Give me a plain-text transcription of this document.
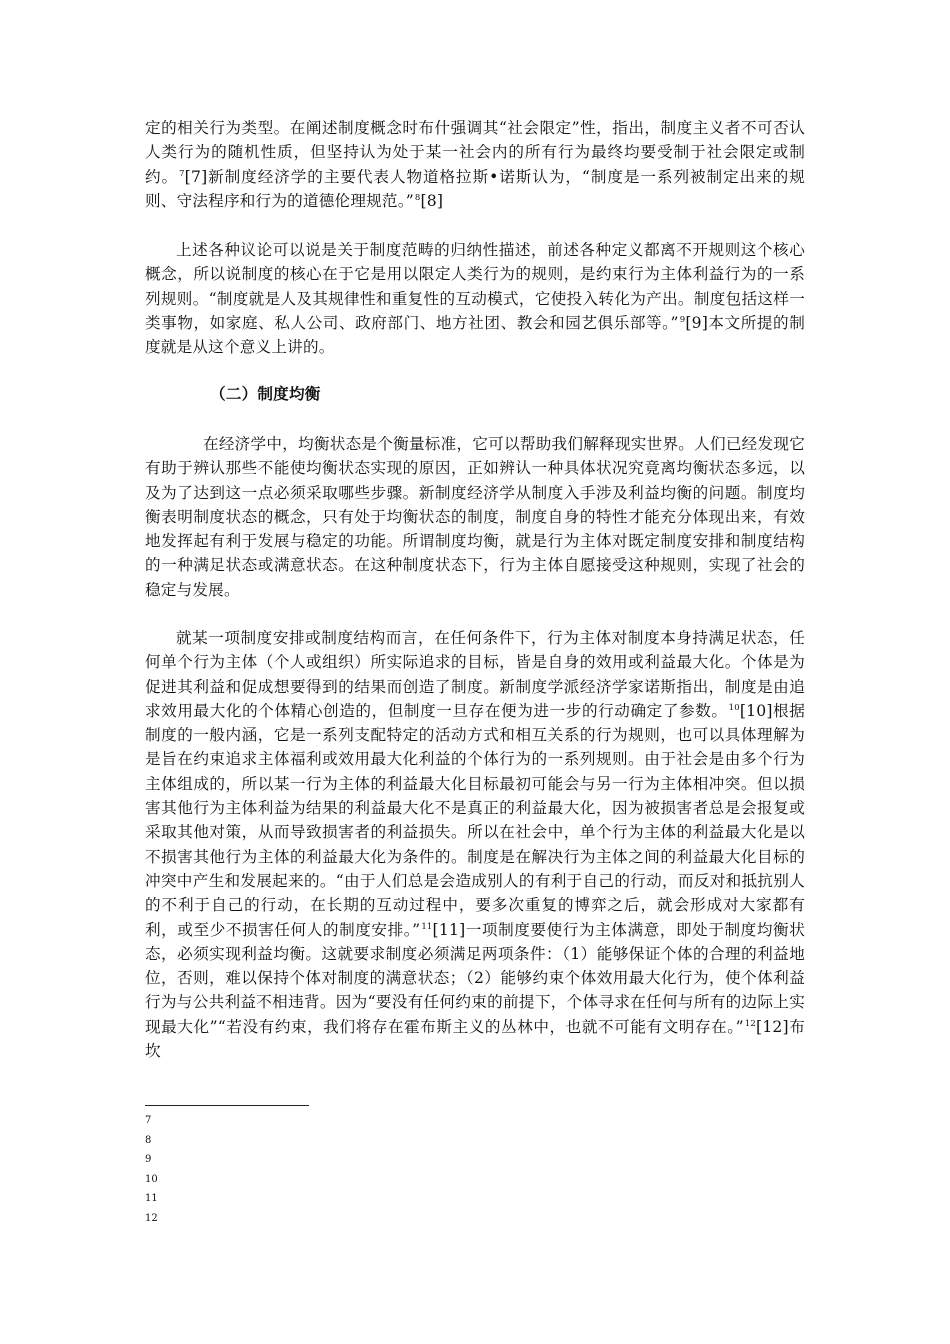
定的相关行为类型。在阐述制度概念时布什强调其“社会限定”性，指出，制度主义者不可否认人类行为的随机性质，但坚持认为处于某一社会内的所有行为最终均要受制于社会限定或制约。$^7$[7]新制度经济学的主要代表人物道格拉斯•诺斯认为，“制度是一系列被制定出来的规则、守法程序和行为的道德伦理规范。”$^8$[8]

上述各种议论可以说是关于制度范畴的归纳性描述，前述各种定义都离不开规则这个核心概念，所以说制度的核心在于它是用以限定人类行为的规则，是约束行为主体利益行为的一系列规则。“制度就是人及其规律性和重复性的互动模式，它使投入转化为产出。制度包括这样一类事物，如家庭、私人公司、政府部门、地方社团、教会和园艺俱乐部等。”$^9$[9]本文所提的制度就是从这个意义上讲的。

（二）制度均衡

在经济学中，均衡状态是个衡量标准，它可以帮助我们解释现实世界。人们已经发现它有助于辨认那些不能使均衡状态实现的原因，正如辨认一种具体状况究竟离均衡状态多远，以及为了达到这一点必须采取哪些步骤。新制度经济学从制度入手涉及利益均衡的问题。制度均衡表明制度状态的概念，只有处于均衡状态的制度，制度自身的特性才能充分体现出来，有效地发挥起有利于发展与稳定的功能。所谓制度均衡，就是行为主体对既定制度安排和制度结构的一种满足状态或满意状态。在这种制度状态下，行为主体自愿接受这种规则，实现了社会的稳定与发展。

就某一项制度安排或制度结构而言，在任何条件下，行为主体对制度本身持满足状态，任何单个行为主体（个人或组织）所实际追求的目标，皆是自身的效用或利益最大化。个体是为促进其利益和促成想要得到的结果而创造了制度。新制度学派经济学家诺斯指出，制度是由追求效用最大化的个体精心创造的，但制度一旦存在便为进一步的行动确定了参数。$^{10}$[10]根据制度的一般内涵，它是一系列支配特定的活动方式和相互关系的行为规则，也可以具体理解为是旨在约束追求主体福利或效用最大化利益的个体行为的一系列规则。由于社会是由多个行为主体组成的，所以某一行为主体的利益最大化目标最初可能会与另一行为主体相冲突。但以损害其他行为主体利益为结果的利益最大化不是真正的利益最大化，因为被损害者总是会报复或采取其他对策，从而导致损害者的利益损失。所以在社会中，单个行为主体的利益最大化是以不损害其他行为主体的利益最大化为条件的。制度是在解决行为主体之间的利益最大化目标的冲突中产生和发展起来的。“由于人们总是会造成别人的有利于自己的行动，而反对和抵抗别人的不利于自己的行动，在长期的互动过程中，要多次重复的博弈之后，就会形成对大家都有利，或至少不损害任何人的制度安排。”$^{11}$[11]一项制度要使行为主体满意，即处于制度均衡状态，必须实现利益均衡。这就要求制度必须满足两项条件：（1）能够保证个体的合理的利益地位，否则，难以保持个体对制度的满意状态；（2）能够约束个体效用最大化行为，使个体利益行为与公共利益不相违背。因为“要没有任何约束的前提下，个体寻求在任何与所有的边际上实现最大化”“若没有约束，我们将存在霍布斯主义的丛林中，也就不可能有文明存在。”$^{12}$[12]布坎

7
8
9
10
11
12
